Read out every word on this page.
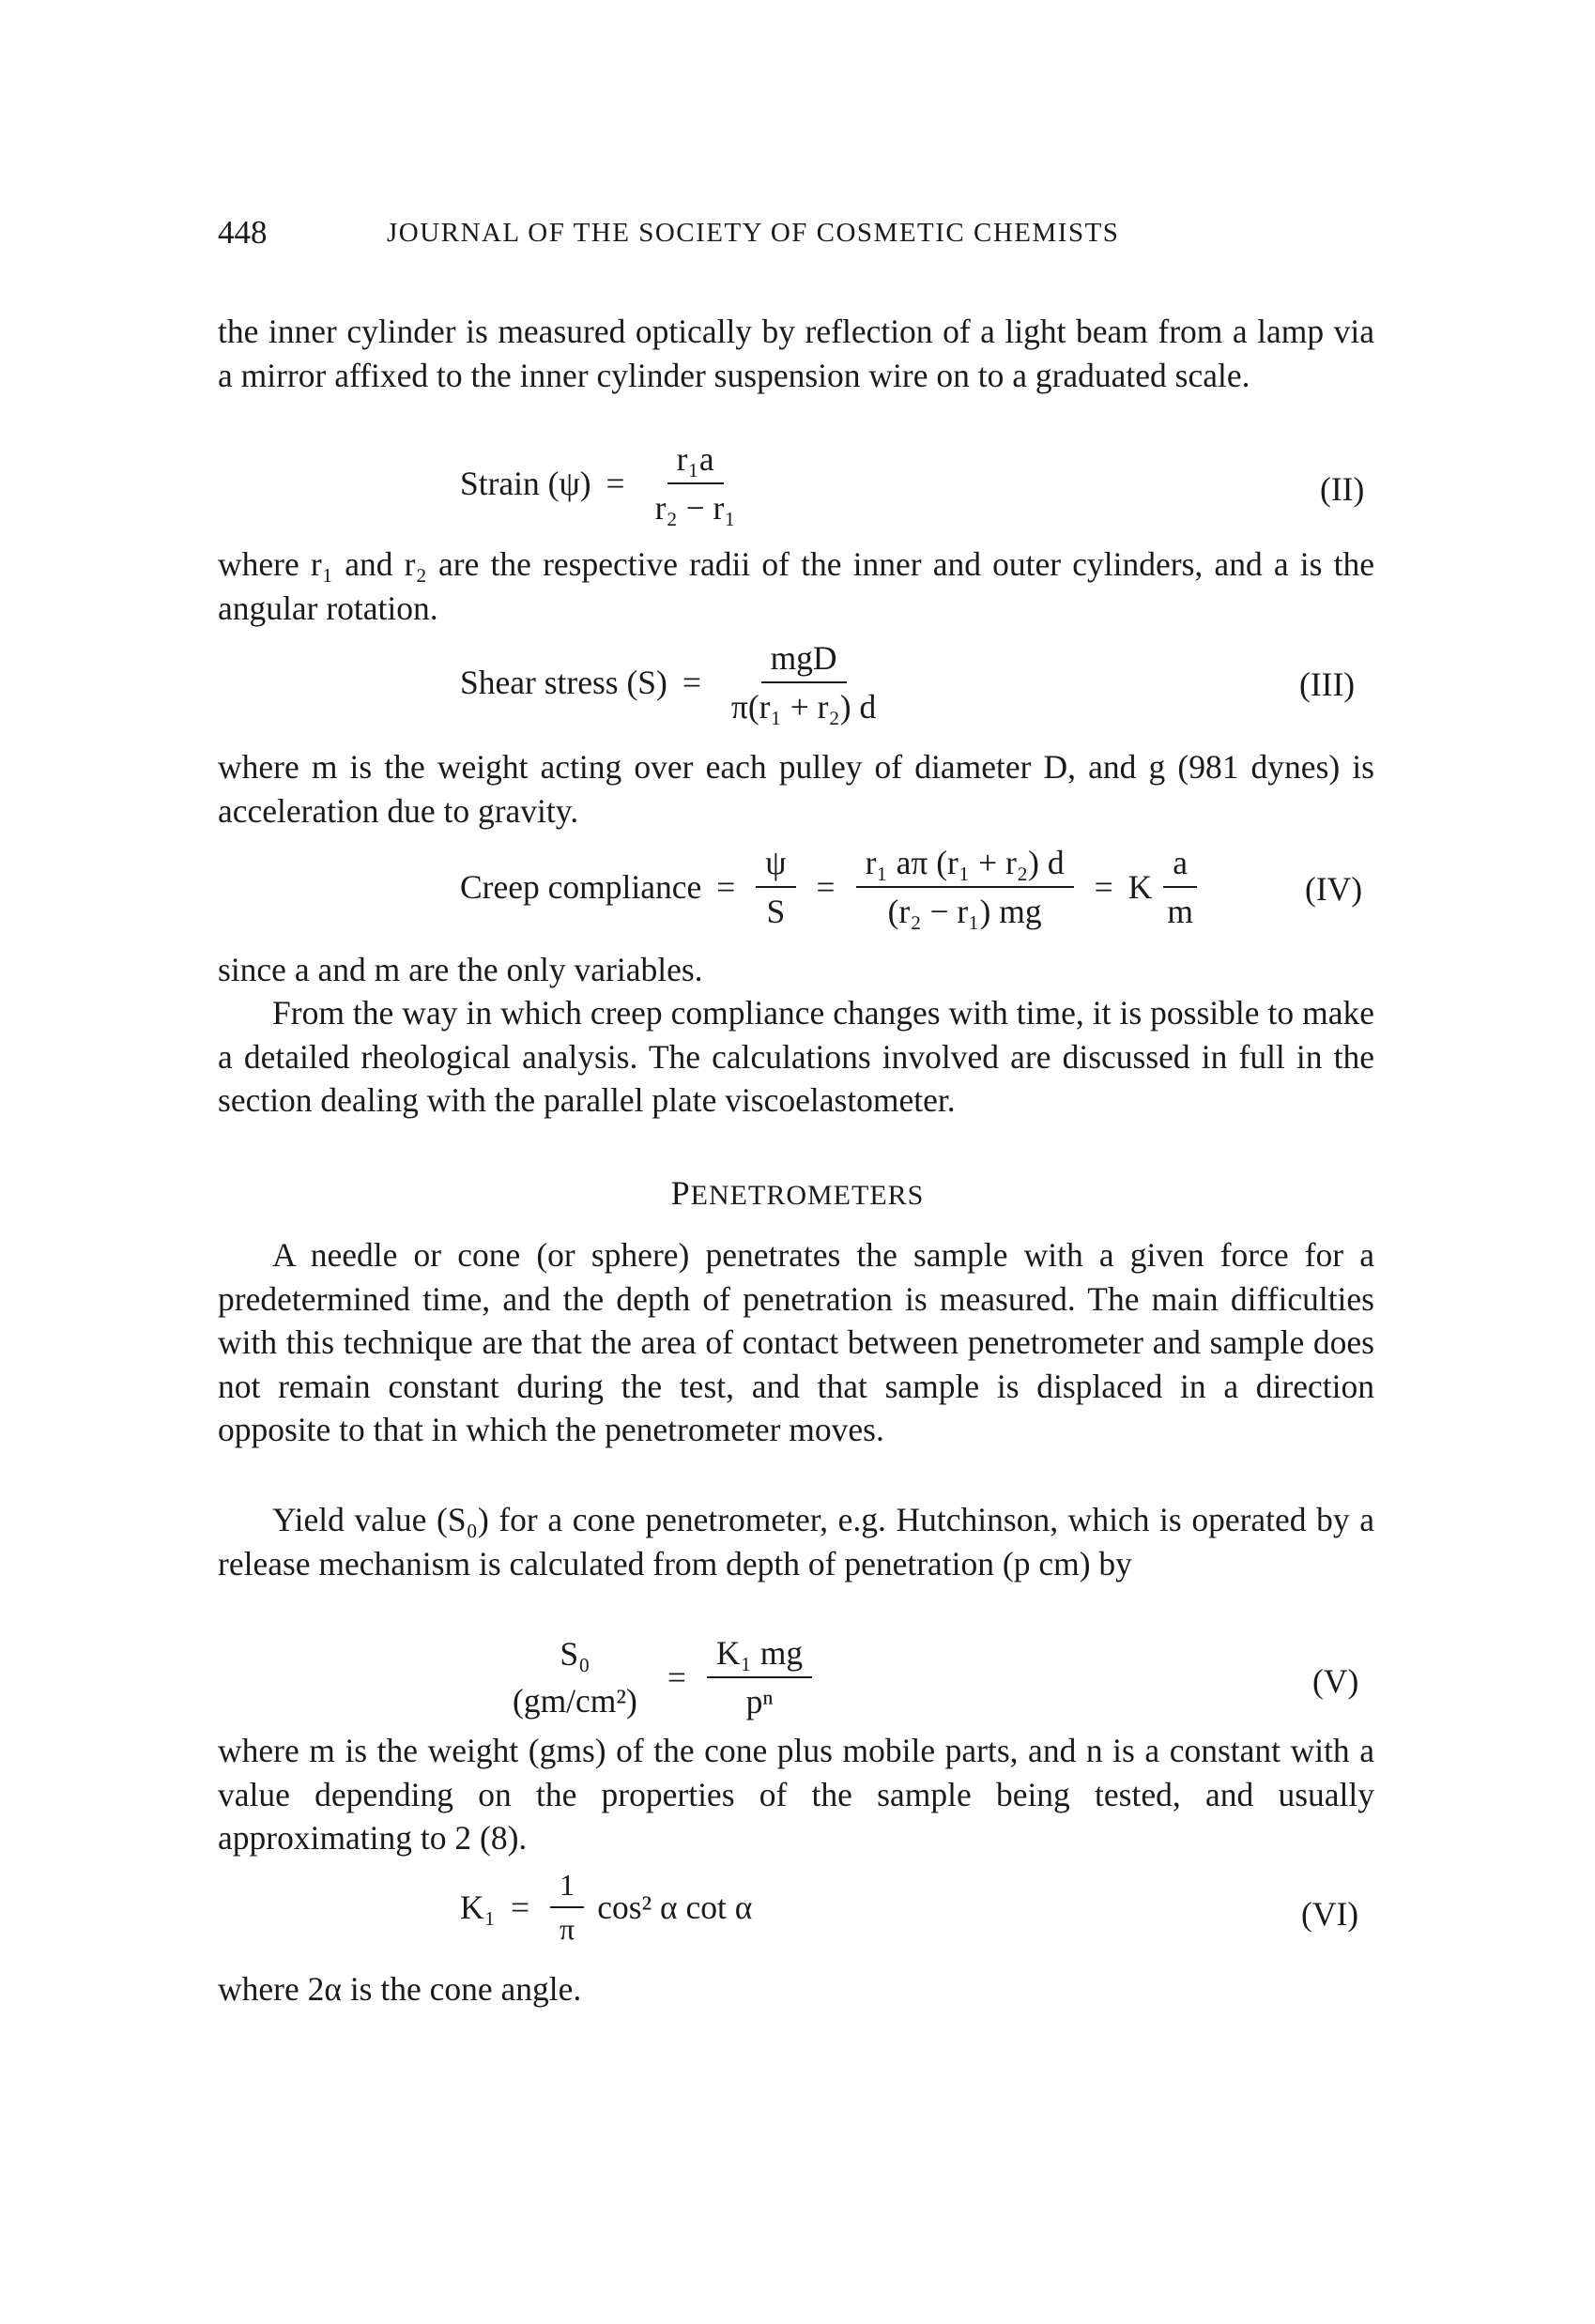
448	JOURNAL OF THE SOCIETY OF COSMETIC CHEMISTS

the inner cylinder is measured optically by reflection of a light beam from a lamp via a mirror affixed to the inner cylinder suspension wire on to a graduated scale.

Strain $(\psi) = \frac{\text{r₁a}}{\text{r₂ − r₁}}$	(II)

where r₁ and r₂ are the respective radii of the inner and outer cylinders, and a is the angular rotation.

Shear stress $(S) = \frac{\text{mgD}}{\text{π(r₁ + r₂) d}}$	(III)

where m is the weight acting over each pulley of diameter D, and g (981 dynes) is acceleration due to gravity.

Creep compliance = $\frac{\psi}{S} = \frac{\text{r₁ aπ (r₁ + r₂) d}}{\text{(r₂ − r₁) mg}} = K \frac{a}{m}$	(IV)

since a and m are the only variables.

From the way in which creep compliance changes with time, it is possible to make a detailed rheological analysis. The calculations involved are discussed in full in the section dealing with the parallel plate viscoelastometer.

PENETROMETERS

A needle or cone (or sphere) penetrates the sample with a given force for a predetermined time, and the depth of penetration is measured. The main difficulties with this technique are that the area of contact between penetrometer and sample does not remain constant during the test, and that sample is displaced in a direction opposite to that in which the penetrometer moves.

Yield value (S₀) for a cone penetrometer, e.g. Hutchinson, which is operated by a release mechanism is calculated from depth of penetration (p cm) by

S₀
(gm/cm²)
= $\frac{\text{K₁ mg}}{\text{pⁿ}}$	(V)

where m is the weight (gms) of the cone plus mobile parts, and n is a constant with a value depending on the properties of the sample being tested, and usually approximating to 2 (8).

$K_1 = \frac{1}{\pi} \cos^2$ α cot α	(VI)

where 2α is the cone angle.
